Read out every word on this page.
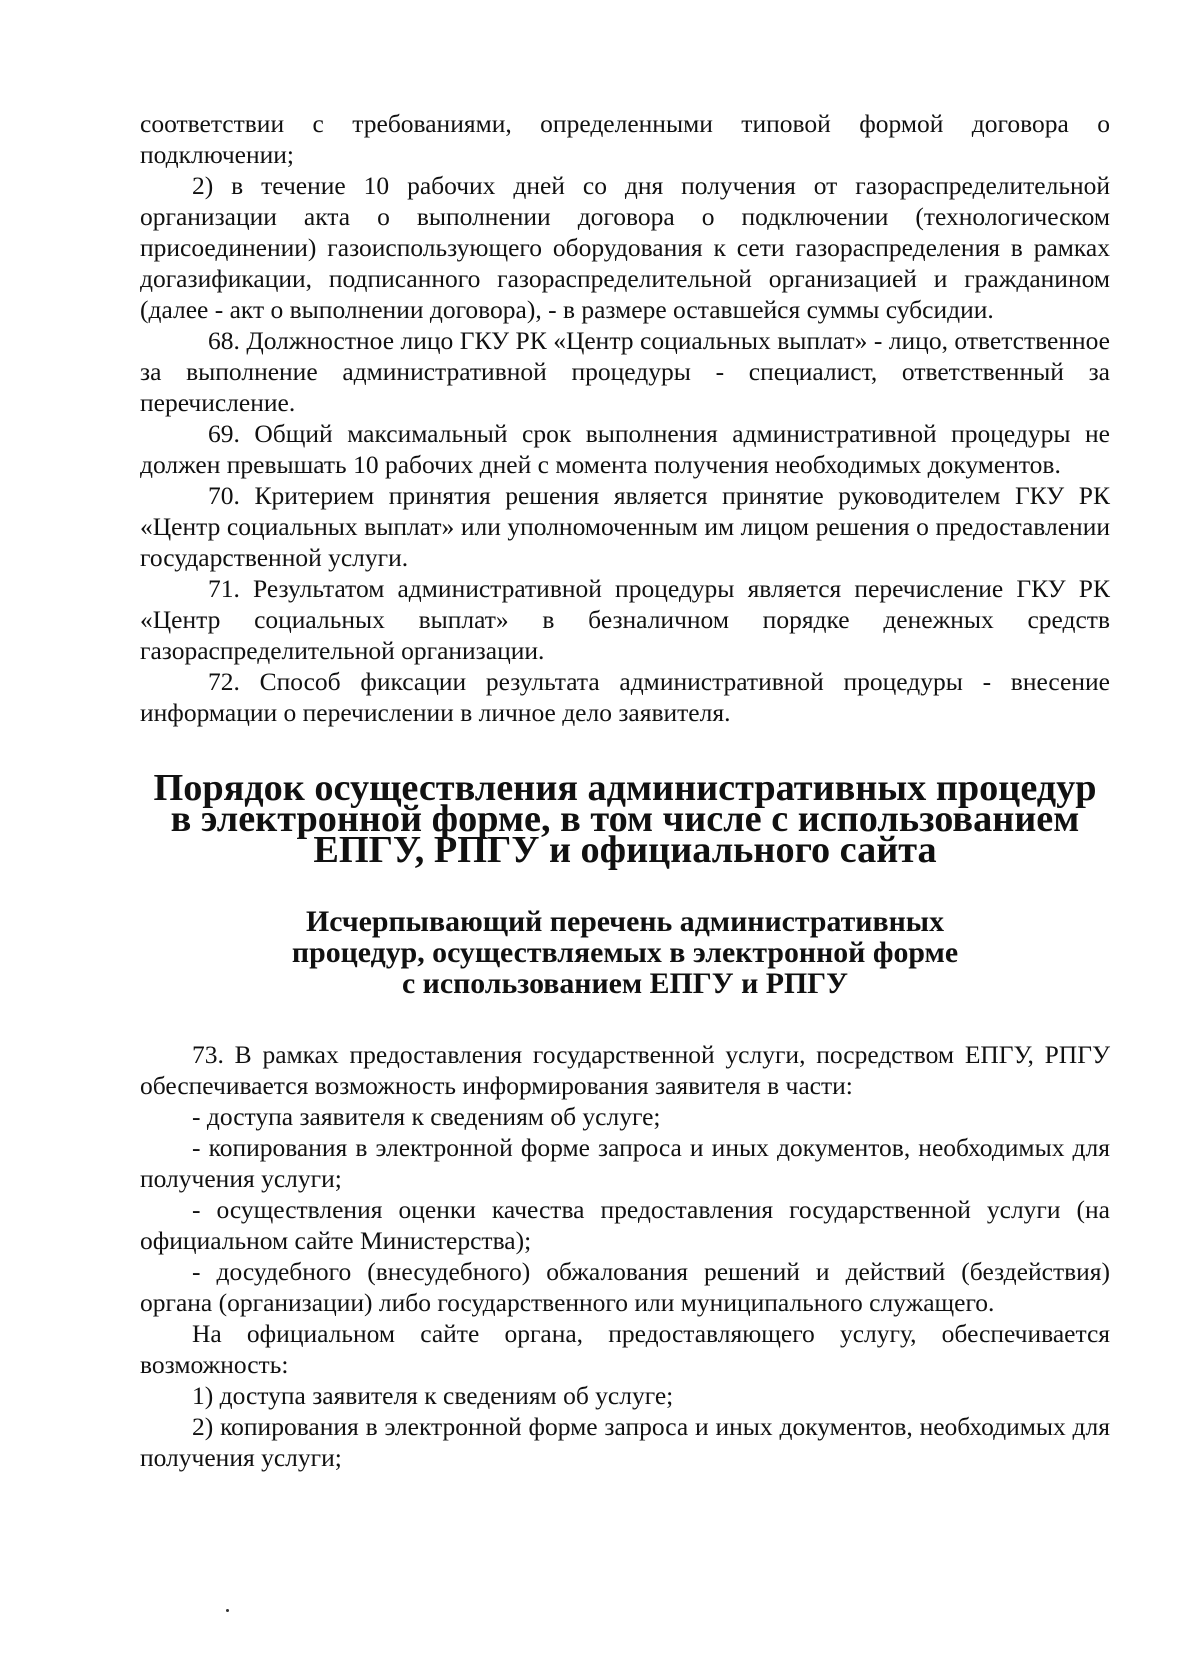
соответствии с требованиями, определенными типовой формой договора о подключении;

2) в течение 10 рабочих дней со дня получения от газораспределительной организации акта о выполнении договора о подключении (технологическом присоединении) газоиспользующего оборудования к сети газораспределения в рамках догазификации, подписанного газораспределительной организацией и гражданином (далее - акт о выполнении договора), - в размере оставшейся суммы субсидии.

68. Должностное лицо ГКУ РК «Центр социальных выплат» - лицо, ответственное за выполнение административной процедуры - специалист, ответственный за перечисление.

69. Общий максимальный срок выполнения административной процедуры не должен превышать 10 рабочих дней с момента получения необходимых документов.

70. Критерием принятия решения является принятие руководителем ГКУ РК «Центр социальных выплат» или уполномоченным им лицом решения о предоставлении государственной услуги.

71. Результатом административной процедуры является перечисление ГКУ РК «Центр социальных выплат» в безналичном порядке денежных средств газораспределительной организации.

72. Способ фиксации результата административной процедуры - внесение информации о перечислении в личное дело заявителя.

Порядок осуществления административных процедур
в электронной форме, в том числе с использованием
ЕПГУ, РПГУ и официального сайта
Исчерпывающий перечень административных
процедур, осуществляемых в электронной форме
с использованием ЕПГУ и РПГУ

73. В рамках предоставления государственной услуги, посредством ЕПГУ, РПГУ обеспечивается возможность информирования заявителя в части:

- доступа заявителя к сведениям об услуге;

- копирования в электронной форме запроса и иных документов, необходимых для получения услуги;

- осуществления оценки качества предоставления государственной услуги (на официальном сайте Министерства);

- досудебного (внесудебного) обжалования решений и действий (бездействия) органа (организации) либо государственного или муниципального служащего.

На официальном сайте органа, предоставляющего услугу, обеспечивается возможность:

1) доступа заявителя к сведениям об услуге;

2) копирования в электронной форме запроса и иных документов, необходимых для получения услуги;
